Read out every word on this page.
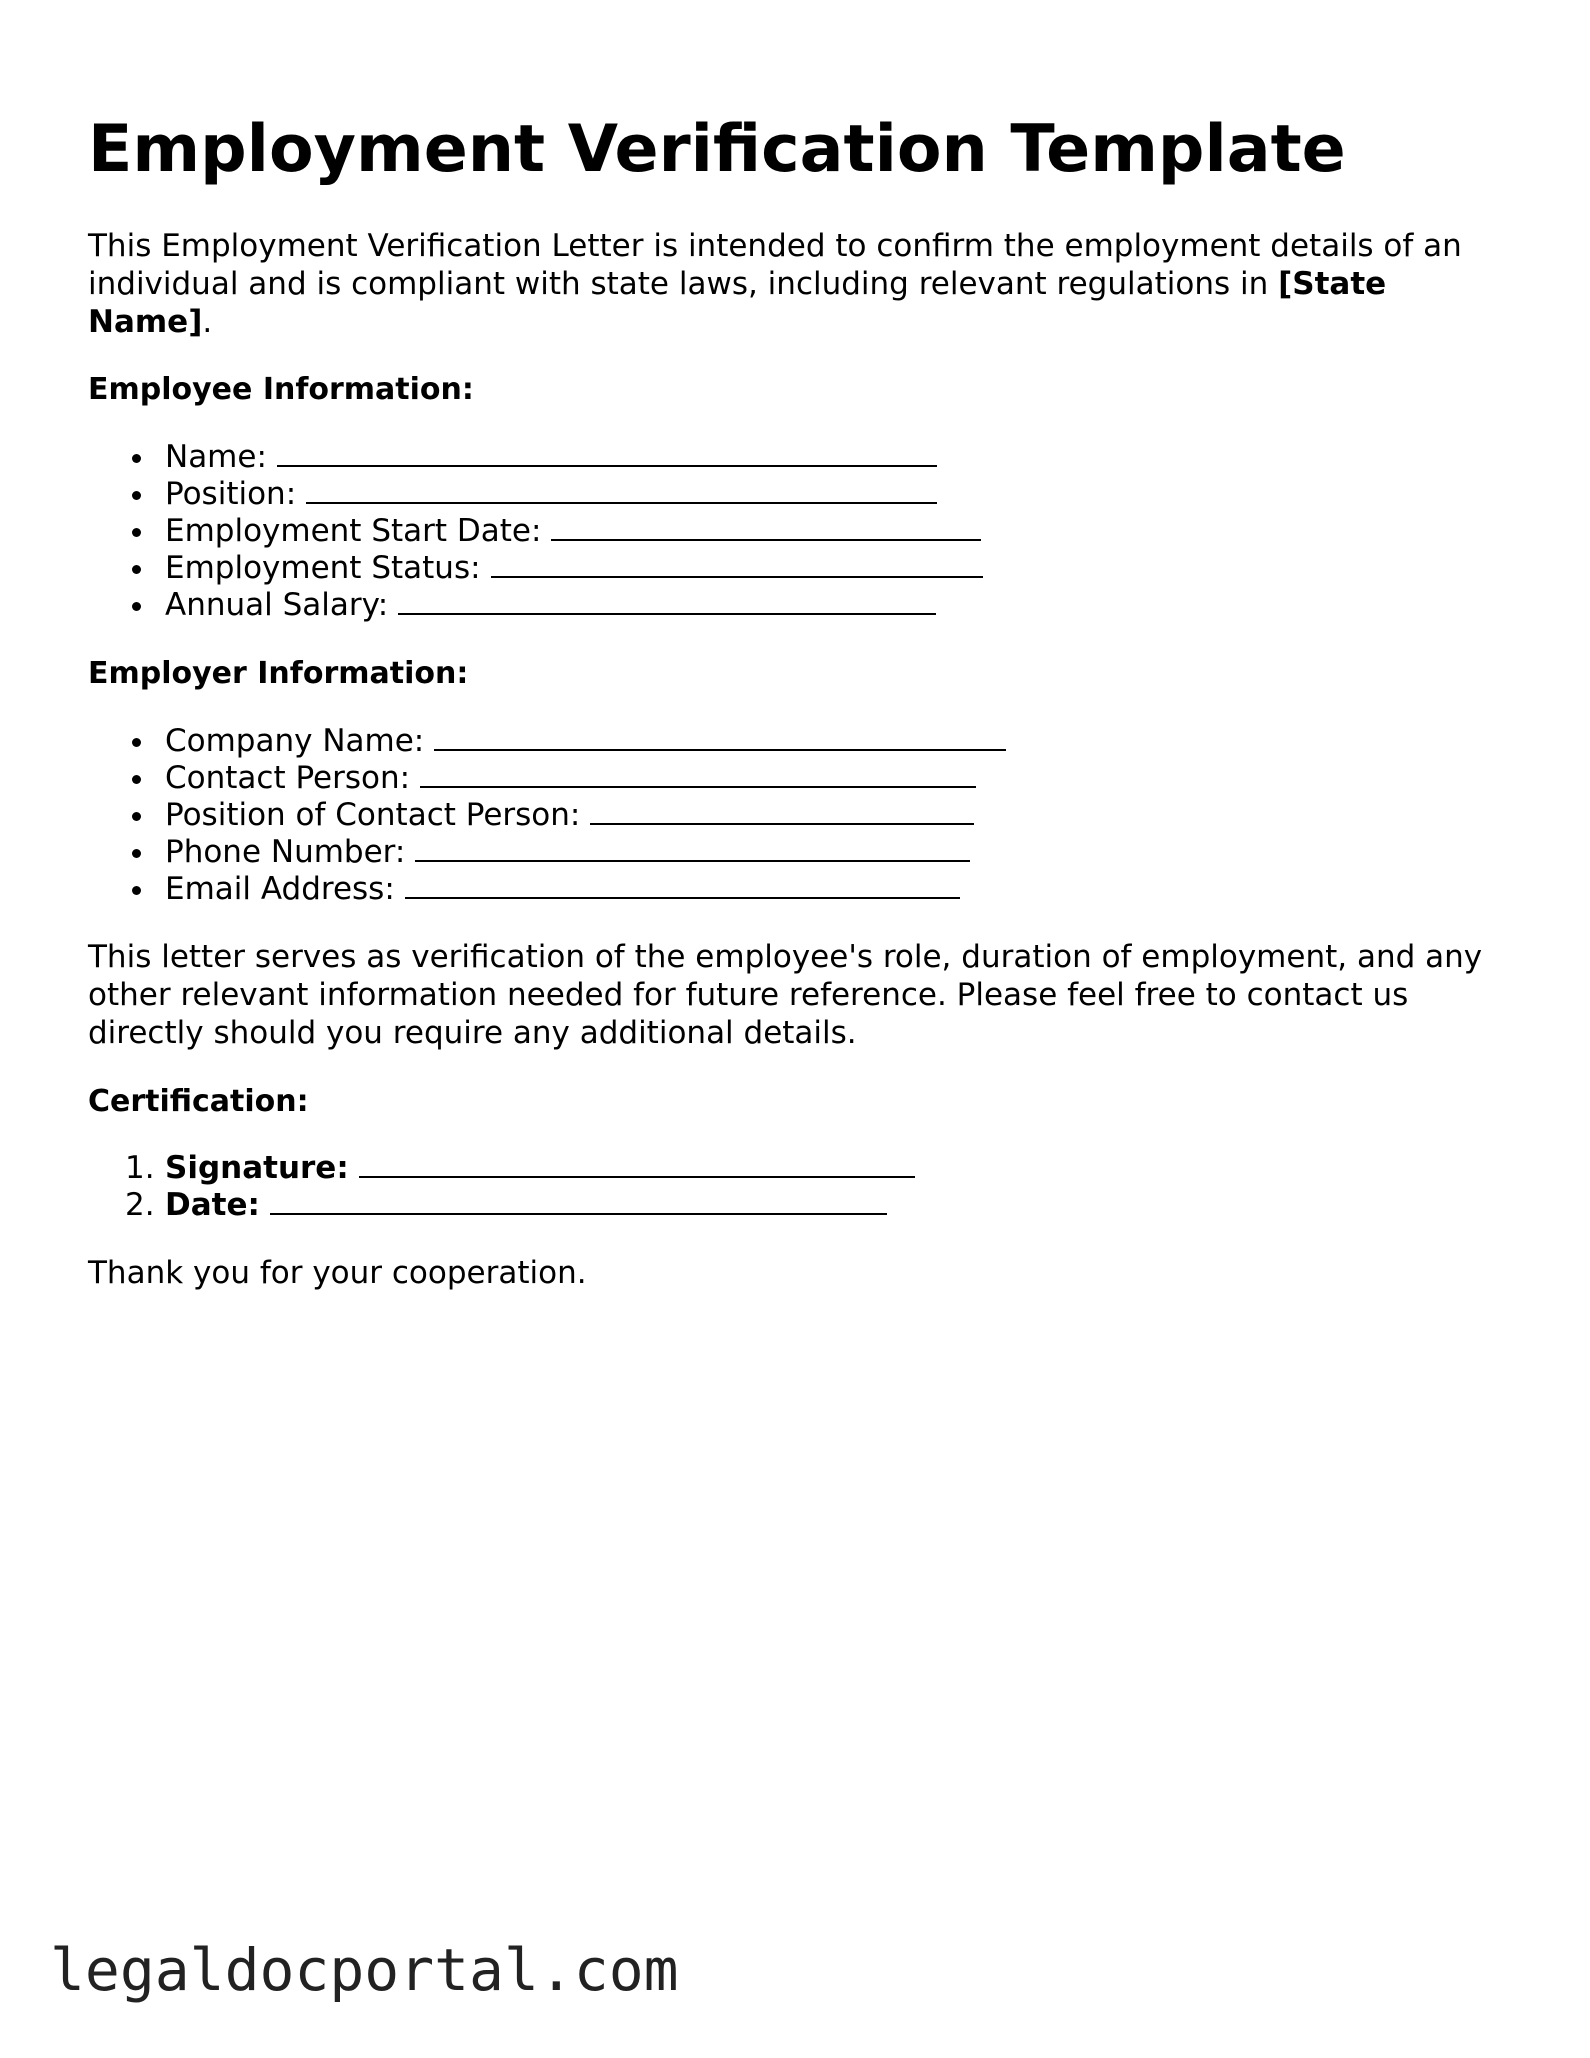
Employment Verification Template

This Employment Verification Letter is intended to confirm the employment details of an individual and is compliant with state laws, including relevant regulations in [State Name].

Employee Information:
Name:
Position:
Employment Start Date:
Employment Status:
Annual Salary:
Employer Information:
Company Name:
Contact Person:
Position of Contact Person:
Phone Number:
Email Address:

This letter serves as verification of the employee's role, duration of employment, and any other relevant information needed for future reference. Please feel free to contact us directly should you require any additional details.

Certification:
1. Signature:
2. Date:

Thank you for your cooperation.

legaldocportal.com
